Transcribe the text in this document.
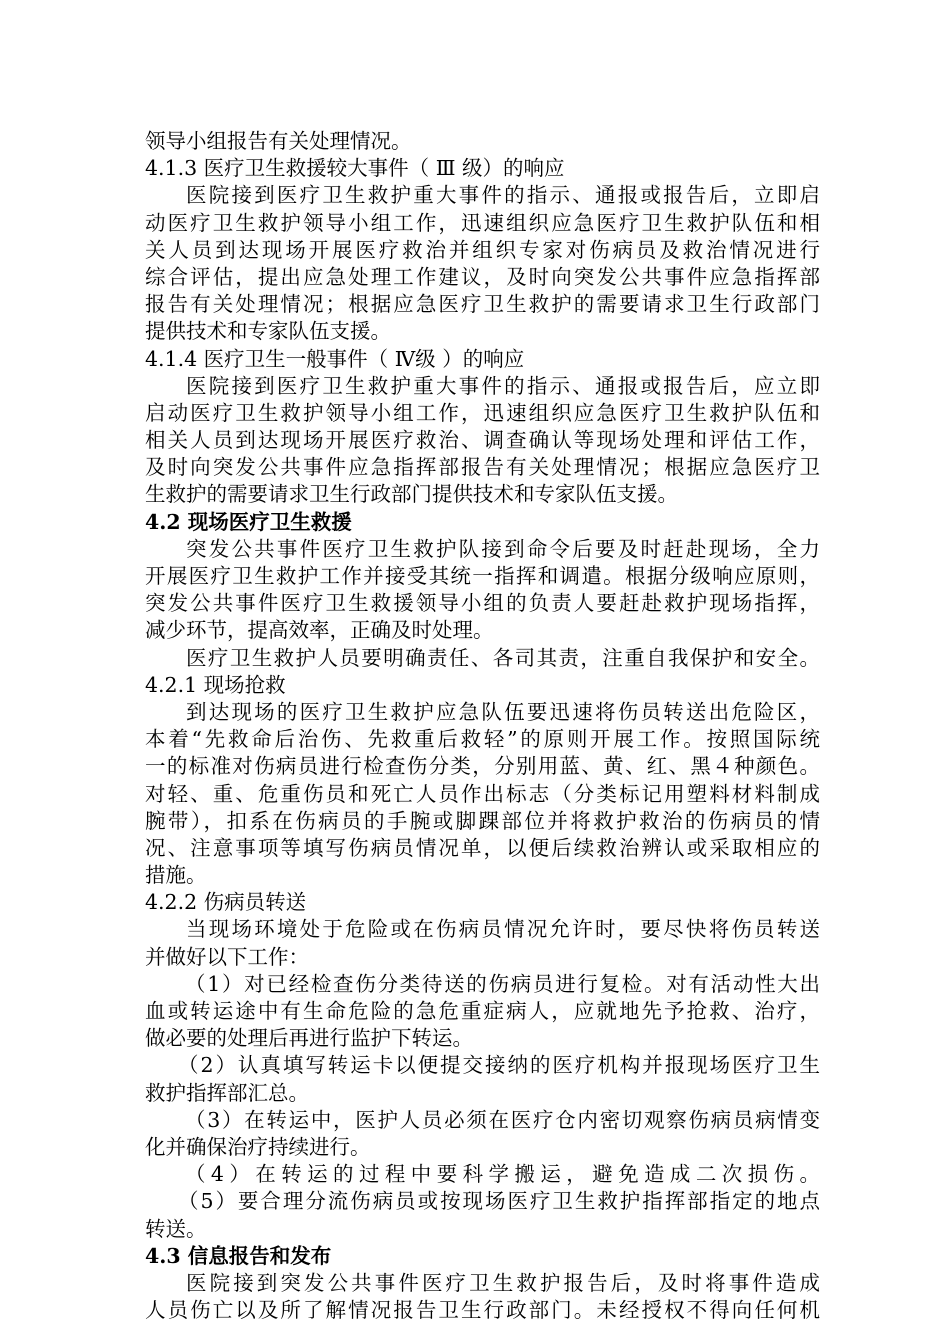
领导小组报告有关处理情况。
4.1.3 医疗卫生救援较大事件（ Ⅲ 级）的响应
医院接到医疗卫生救护重大事件的指示、通报或报告后，立即启
动医疗卫生救护领导小组工作，迅速组织应急医疗卫生救护队伍和相
关人员到达现场开展医疗救治并组织专家对伤病员及救治情况进行
综合评估，提出应急处理工作建议，及时向突发公共事件应急指挥部
报告有关处理情况；根据应急医疗卫生救护的需要请求卫生行政部门
提供技术和专家队伍支援。
4.1.4 医疗卫生一般事件（ Ⅳ级 ）的响应
医院接到医疗卫生救护重大事件的指示、通报或报告后，应立即
启动医疗卫生救护领导小组工作，迅速组织应急医疗卫生救护队伍和
相关人员到达现场开展医疗救治、调查确认等现场处理和评估工作，
及时向突发公共事件应急指挥部报告有关处理情况；根据应急医疗卫
生救护的需要请求卫生行政部门提供技术和专家队伍支援。
4.2 现场医疗卫生救援
突发公共事件医疗卫生救护队接到命令后要及时赶赴现场，全力
开展医疗卫生救护工作并接受其统一指挥和调遣。根据分级响应原则，
突发公共事件医疗卫生救援领导小组的负责人要赶赴救护现场指挥，
减少环节，提高效率，正确及时处理。
医疗卫生救护人员要明确责任、各司其责，注重自我保护和安全。
4.2.1 现场抢救
到达现场的医疗卫生救护应急队伍要迅速将伤员转送出危险区，
本着“先救命后治伤、先救重后救轻”的原则开展工作。按照国际统
一的标准对伤病员进行检查伤分类，分别用蓝、黄、红、黑４种颜色。
对轻、重、危重伤员和死亡人员作出标志（分类标记用塑料材料制成
腕带），扣系在伤病员的手腕或脚踝部位并将救护救治的伤病员的情
况、注意事项等填写伤病员情况单，以便后续救治辨认或采取相应的
措施。
4.2.2 伤病员转送
当现场环境处于危险或在伤病员情况允许时，要尽快将伤员转送
并做好以下工作：
（1）对已经检查伤分类待送的伤病员进行复检。对有活动性大出
血或转运途中有生命危险的急危重症病人，应就地先予抢救、治疗，
做必要的处理后再进行监护下转运。
（2）认真填写转运卡以便提交接纳的医疗机构并报现场医疗卫生
救护指挥部汇总。
（3）在转运中，医护人员必须在医疗仓内密切观察伤病员病情变
化并确保治疗持续进行。
（4）在转运的过程中要科学搬运，避免造成二次损伤。
（5）要合理分流伤病员或按现场医疗卫生救护指挥部指定的地点
转送。
4.3 信息报告和发布
医院接到突发公共事件医疗卫生救护报告后，及时将事件造成
人员伤亡以及所了解情况报告卫生行政部门。未经授权不得向任何机
